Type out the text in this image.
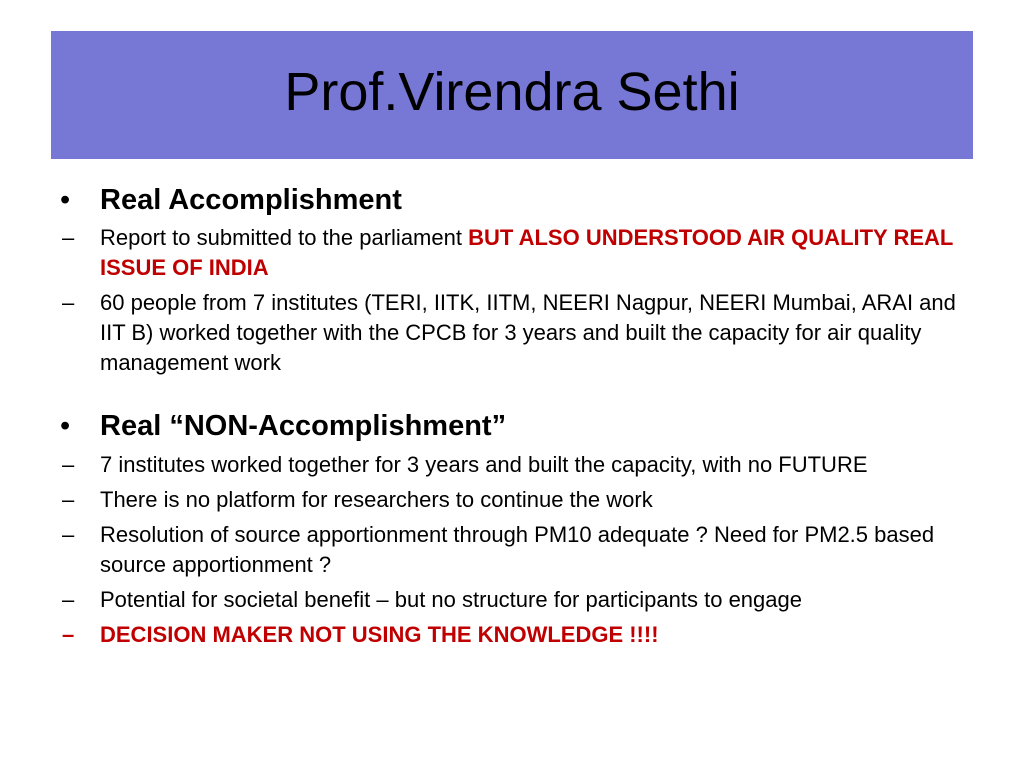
Prof.Virendra Sethi
• Real Accomplishment
– Report to submitted to the parliament BUT ALSO UNDERSTOOD AIR QUALITY REAL ISSUE OF INDIA
– 60 people from 7 institutes (TERI, IITK, IITM, NEERI Nagpur, NEERI Mumbai, ARAI and IIT B) worked together with the CPCB for 3 years and built the capacity for air quality management work
• Real “NON-Accomplishment”
– 7 institutes worked together for 3 years and built the capacity, with no FUTURE
– There is no platform for researchers to continue the work
– Resolution of source apportionment through PM10 adequate ? Need for PM2.5 based source apportionment ?
– Potential for societal benefit – but no structure for participants to engage
– DECISION MAKER NOT USING THE KNOWLEDGE !!!!
